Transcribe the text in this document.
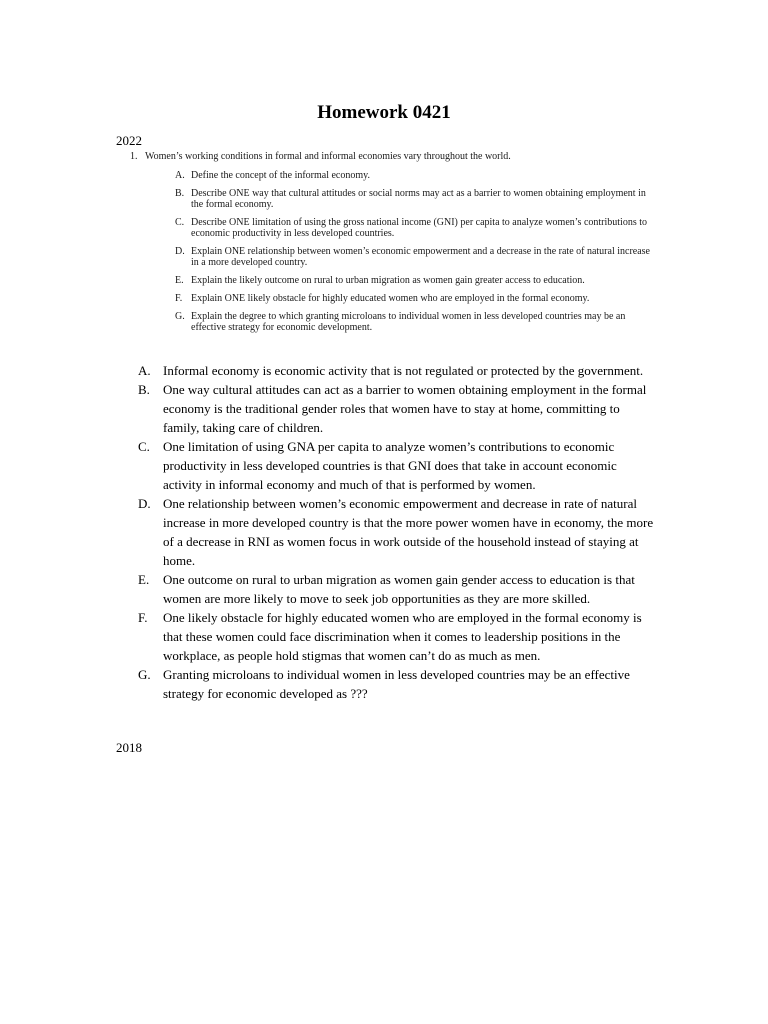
Homework 0421
2022
1. Women’s working conditions in formal and informal economies vary throughout the world.
A. Define the concept of the informal economy.
B. Describe ONE way that cultural attitudes or social norms may act as a barrier to women obtaining employment in the formal economy.
C. Describe ONE limitation of using the gross national income (GNI) per capita to analyze women’s contributions to economic productivity in less developed countries.
D. Explain ONE relationship between women’s economic empowerment and a decrease in the rate of natural increase in a more developed country.
E. Explain the likely outcome on rural to urban migration as women gain greater access to education.
F. Explain ONE likely obstacle for highly educated women who are employed in the formal economy.
G. Explain the degree to which granting microloans to individual women in less developed countries may be an effective strategy for economic development.
A. Informal economy is economic activity that is not regulated or protected by the government.
B.	One way cultural attitudes can act as a barrier to women obtaining employment in the formal economy is the traditional gender roles that women have to stay at home, committing to family, taking care of children.
C.	One limitation of using GNA per capita to analyze women’s contributions to economic productivity in less developed countries is that GNI does that take in account economic activity in informal economy and much of that is performed by women.
D. One relationship between women’s economic empowerment and decrease in rate of natural increase in more developed country is that the more power women have in economy, the more of a decrease in RNI as women focus in work outside of the household instead of staying at home.
E.	One outcome on rural to urban migration as women gain gender access to education is that women are more likely to move to seek job opportunities as they are more skilled.
F.	One likely obstacle for highly educated women who are employed in the formal economy is that these women could face discrimination when it comes to leadership positions in the workplace, as people hold stigmas that women can’t do as much as men.
G. Granting microloans to individual women in less developed countries may be an effective strategy for economic developed as ???
2018
